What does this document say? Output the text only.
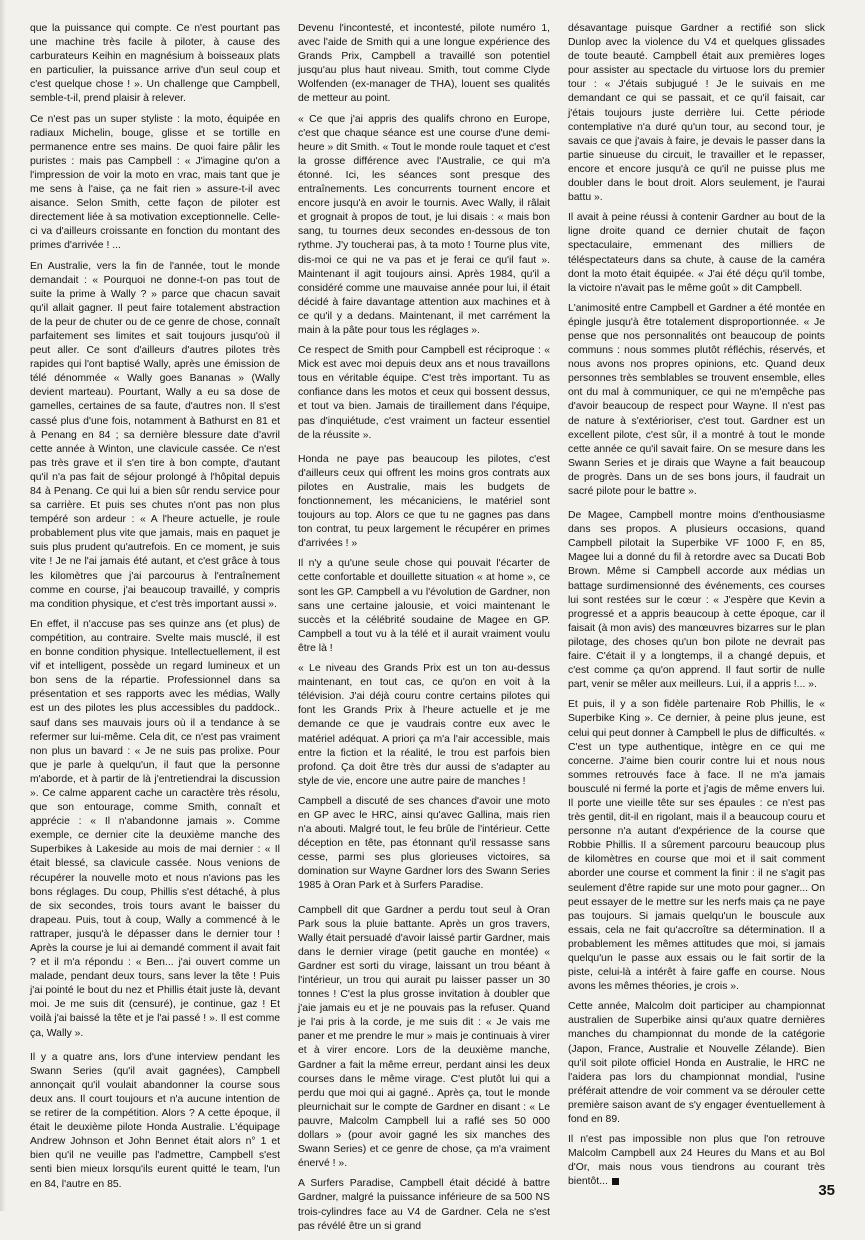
que la puissance qui compte. Ce n'est pourtant pas une machine très facile à piloter, à cause des carburateurs Keihin en magnésium à boisseaux plats en particulier, la puissance arrive d'un seul coup et c'est quelque chose ! ». Un challenge que Campbell, semble-t-il, prend plaisir à relever.

Ce n'est pas un super styliste : la moto, équipée en radiaux Michelin, bouge, glisse et se tortille en permanence entre ses mains. De quoi faire pâlir les puristes : mais pas Campbell : « J'imagine qu'on a l'impression de voir la moto en vrac, mais tant que je me sens à l'aise, ça ne fait rien » assure-t-il avec aisance. Selon Smith, cette façon de piloter est directement liée à sa motivation exceptionnelle. Celle-ci va d'ailleurs croissante en fonction du montant des primes d'arrivée ! ...

En Australie, vers la fin de l'année, tout le monde demandait : « Pourquoi ne donne-t-on pas tout de suite la prime à Wally ? » parce que chacun savait qu'il allait gagner. Il peut faire totalement abstraction de la peur de chuter ou de ce genre de chose, connaît parfaitement ses limites et sait toujours jusqu'où il peut aller. Ce sont d'ailleurs d'autres pilotes très rapides qui l'ont baptisé Wally, après une émission de télé dénommée « Wally goes Bananas » (Wally devient marteau). Pourtant, Wally a eu sa dose de gamelles, certaines de sa faute, d'autres non. Il s'est cassé plus d'une fois, notamment à Bathurst en 81 et à Penang en 84 ; sa dernière blessure date d'avril cette année à Winton, une clavicule cassée. Ce n'est pas très grave et il s'en tire à bon compte, d'autant qu'il n'a pas fait de séjour prolongé à l'hôpital depuis 84 à Penang. Ce qui lui a bien sûr rendu service pour sa carrière. Et puis ses chutes n'ont pas non plus tempéré son ardeur : « A l'heure actuelle, je roule probablement plus vite que jamais, mais en paquet je suis plus prudent qu'autrefois. En ce moment, je suis vite ! Je ne l'ai jamais été autant, et c'est grâce à tous les kilomètres que j'ai parcourus à l'entraînement comme en course, j'ai beaucoup travaillé, y compris ma condition physique, et c'est très important aussi ».

En effet, il n'accuse pas ses quinze ans (et plus) de compétition, au contraire. Svelte mais musclé, il est en bonne condition physique. Intellectuellement, il est vif et intelligent, possède un regard lumineux et un bon sens de la répartie. Professionnel dans sa présentation et ses rapports avec les médias, Wally est un des pilotes les plus accessibles du paddock.. sauf dans ses mauvais jours où il a tendance à se refermer sur lui-même. Cela dit, ce n'est pas vraiment non plus un bavard : « Je ne suis pas prolixe. Pour que je parle à quelqu'un, il faut que la personne m'aborde, et à partir de là j'entretiendrai la discussion ». Ce calme apparent cache un caractère très résolu, que son entourage, comme Smith, connaît et apprécie : « Il n'abandonne jamais ». Comme exemple, ce dernier cite la deuxième manche des Superbikes à Lakeside au mois de mai dernier : « Il était blessé, sa clavicule cassée. Nous venions de récupérer la nouvelle moto et nous n'avions pas les bons réglages. Du coup, Phillis s'est détaché, à plus de six secondes, trois tours avant le baisser du drapeau. Puis, tout à coup, Wally a commencé à le rattraper, jusqu'à le dépasser dans le dernier tour ! Après la course je lui ai demandé comment il avait fait ? et il m'a répondu : « Ben... j'ai ouvert comme un malade, pendant deux tours, sans lever la tête ! Puis j'ai pointé le bout du nez et Phillis était juste là, devant moi. Je me suis dit (censuré), je continue, gaz ! Et voilà j'ai baissé la tête et je l'ai passé ! ». Il est comme ça, Wally ».

Il y a quatre ans, lors d'une interview pendant les Swann Series (qu'il avait gagnées), Campbell annonçait qu'il voulait abandonner la course sous deux ans. Il court toujours et n'a aucune intention de se retirer de la compétition. Alors ? A cette époque, il était le deuxième pilote Honda Australie. L'équipage Andrew Johnson et John Bennet était alors n° 1 et bien qu'il ne veuille pas l'admettre, Campbell s'est senti bien mieux lorsqu'ils eurent quitté le team, l'un en 84, l'autre en 85.

Devenu l'incontesté, et incontesté, pilote numéro 1, avec l'aide de Smith qui a une longue expérience des Grands Prix, Campbell a travaillé son potentiel jusqu'au plus haut niveau. Smith, tout comme Clyde Wolfenden (ex-manager de THA), louent ses qualités de metteur au point.

« Ce que j'ai appris des qualifs chrono en Europe, c'est que chaque séance est une course d'une demi-heure » dit Smith. « Tout le monde roule taquet et c'est la grosse différence avec l'Australie, ce qui m'a étonné. Ici, les séances sont presque des entraînements. Les concurrents tournent encore et encore jusqu'à en avoir le tournis. Avec Wally, il râlait et grognait à propos de tout, je lui disais : « mais bon sang, tu tournes deux secondes en-dessous de ton rythme. J'y toucherai pas, à ta moto ! Tourne plus vite, dis-moi ce qui ne va pas et je ferai ce qu'il faut ». Maintenant il agit toujours ainsi. Après 1984, qu'il a considéré comme une mauvaise année pour lui, il était décidé à faire davantage attention aux machines et à ce qu'il y a dedans. Maintenant, il met carrément la main à la pâte pour tous les réglages ».

Ce respect de Smith pour Campbell est réciproque : « Mick est avec moi depuis deux ans et nous travaillons tous en véritable équipe. C'est très important. Tu as confiance dans les motos et ceux qui bossent dessus, et tout va bien. Jamais de tiraillement dans l'équipe, pas d'inquiétude, c'est vraiment un facteur essentiel de la réussite ».

Honda ne paye pas beaucoup les pilotes, c'est d'ailleurs ceux qui offrent les moins gros contrats aux pilotes en Australie, mais les budgets de fonctionnement, les mécaniciens, le matériel sont toujours au top. Alors ce que tu ne gagnes pas dans ton contrat, tu peux largement le récupérer en primes d'arrivées ! »

Il n'y a qu'une seule chose qui pouvait l'écarter de cette confortable et douillette situation « at home », ce sont les GP. Campbell a vu l'évolution de Gardner, non sans une certaine jalousie, et voici maintenant le succès et la célébrité soudaine de Magee en GP. Campbell a tout vu à la télé et il aurait vraiment voulu être là !

« Le niveau des Grands Prix est un ton au-dessus maintenant, en tout cas, ce qu'on en voit à la télévision. J'ai déjà couru contre certains pilotes qui font les Grands Prix à l'heure actuelle et je me demande ce que je vaudrais contre eux avec le matériel adéquat. A priori ça m'a l'air accessible, mais entre la fiction et la réalité, le trou est parfois bien profond. Ça doit être très dur aussi de s'adapter au style de vie, encore une autre paire de manches !

Campbell a discuté de ses chances d'avoir une moto en GP avec le HRC, ainsi qu'avec Gallina, mais rien n'a abouti. Malgré tout, le feu brûle de l'intérieur. Cette déception en tête, pas étonnant qu'il ressasse sans cesse, parmi ses plus glorieuses victoires, sa domination sur Wayne Gardner lors des Swann Series 1985 à Oran Park et à Surfers Paradise.

Campbell dit que Gardner a perdu tout seul à Oran Park sous la pluie battante. Après un gros travers, Wally était persuadé d'avoir laissé partir Gardner, mais dans le dernier virage (petit gauche en montée) « Gardner est sorti du virage, laissant un trou béant à l'intérieur, un trou qui aurait pu laisser passer un 30 tonnes ! C'est la plus grosse invitation à doubler que j'aie jamais eu et je ne pouvais pas la refuser. Quand je l'ai pris à la corde, je me suis dit : « Je vais me paner et me prendre le mur » mais je continuais à virer et à virer encore. Lors de la deuxième manche, Gardner a fait la même erreur, perdant ainsi les deux courses dans le même virage. C'est plutôt lui qui a perdu que moi qui ai gagné.. Après ça, tout le monde pleurnichait sur le compte de Gardner en disant : « Le pauvre, Malcolm Campbell lui a raflé ses 50 000 dollars » (pour avoir gagné les six manches des Swann Series) et ce genre de chose, ça m'a vraiment énervé ! ».

A Surfers Paradise, Campbell était décidé à battre Gardner, malgré la puissance inférieure de sa 500 NS trois-cylindres face au V4 de Gardner. Cela ne s'est pas révélé être un si grand

désavantage puisque Gardner a rectifié son slick Dunlop avec la violence du V4 et quelques glissades de toute beauté. Campbell était aux premières loges pour assister au spectacle du virtuose lors du premier tour : « J'étais subjugué ! Je le suivais en me demandant ce qui se passait, et ce qu'il faisait, car j'étais toujours juste derrière lui. Cette période contemplative n'a duré qu'un tour, au second tour, je savais ce que j'avais à faire, je devais le passer dans la partie sinueuse du circuit, le travailler et le repasser, encore et encore jusqu'à ce qu'il ne puisse plus me doubler dans le bout droit. Alors seulement, je l'aurai battu ».

Il avait à peine réussi à contenir Gardner au bout de la ligne droite quand ce dernier chutait de façon spectaculaire, emmenant des milliers de téléspectateurs dans sa chute, à cause de la caméra dont la moto était équipée. « J'ai été déçu qu'il tombe, la victoire n'avait pas le même goût » dit Campbell.

L'animosité entre Campbell et Gardner a été montée en épingle jusqu'à être totalement disproportionnée. « Je pense que nos personnalités ont beaucoup de points communs : nous sommes plutôt réfléchis, réservés, et nous avons nos propres opinions, etc. Quand deux personnes très semblables se trouvent ensemble, elles ont du mal à communiquer, ce qui ne m'empêche pas d'avoir beaucoup de respect pour Wayne. Il n'est pas de nature à s'extérioriser, c'est tout. Gardner est un excellent pilote, c'est sûr, il a montré à tout le monde cette année ce qu'il savait faire. On se mesure dans les Swann Series et je dirais que Wayne a fait beaucoup de progrès. Dans un de ses bons jours, il faudrait un sacré pilote pour le battre ».

De Magee, Campbell montre moins d'enthousiasme dans ses propos. A plusieurs occasions, quand Campbell pilotait la Superbike VF 1000 F, en 85, Magee lui a donné du fil à retordre avec sa Ducati Bob Brown. Même si Campbell accorde aux médias un battage surdimensionné des événements, ces courses lui sont restées sur le cœur : « J'espère que Kevin a progressé et a appris beaucoup à cette époque, car il faisait (à mon avis) des manœuvres bizarres sur le plan pilotage, des choses qu'un bon pilote ne devrait pas faire. C'était il y a longtemps, il a changé depuis, et c'est comme ça qu'on apprend. Il faut sortir de nulle part, venir se mêler aux meilleurs. Lui, il a appris !... ».

Et puis, il y a son fidèle partenaire Rob Phillis, le « Superbike King ». Ce dernier, à peine plus jeune, est celui qui peut donner à Campbell le plus de difficultés. « C'est un type authentique, intègre en ce qui me concerne. J'aime bien courir contre lui et nous nous sommes retrouvés face à face. Il ne m'a jamais bousculé ni fermé la porte et j'agis de même envers lui. Il porte une vieille tête sur ses épaules : ce n'est pas très gentil, dit-il en rigolant, mais il a beaucoup couru et personne n'a autant d'expérience de la course que Robbie Phillis. Il a sûrement parcouru beaucoup plus de kilomètres en course que moi et il sait comment aborder une course et comment la finir : il ne s'agit pas seulement d'être rapide sur une moto pour gagner... On peut essayer de le mettre sur les nerfs mais ça ne paye pas toujours. Si jamais quelqu'un le bouscule aux essais, cela ne fait qu'accroître sa détermination. Il a probablement les mêmes attitudes que moi, si jamais quelqu'un le passe aux essais ou le fait sortir de la piste, celui-là a intérêt à faire gaffe en course. Nous avons les mêmes théories, je crois ».

Cette année, Malcolm doit participer au championnat australien de Superbike ainsi qu'aux quatre dernières manches du championnat du monde de la catégorie (Japon, France, Australie et Nouvelle Zélande). Bien qu'il soit pilote officiel Honda en Australie, le HRC ne l'aidera pas lors du championnat mondial, l'usine préférait attendre de voir comment va se dérouler cette première saison avant de s'y engager éventuellement à fond en 89.

Il n'est pas impossible non plus que l'on retrouve Malcolm Campbell aux 24 Heures du Mans et au Bol d'Or, mais nous vous tiendrons au courant très bientôt...

35
